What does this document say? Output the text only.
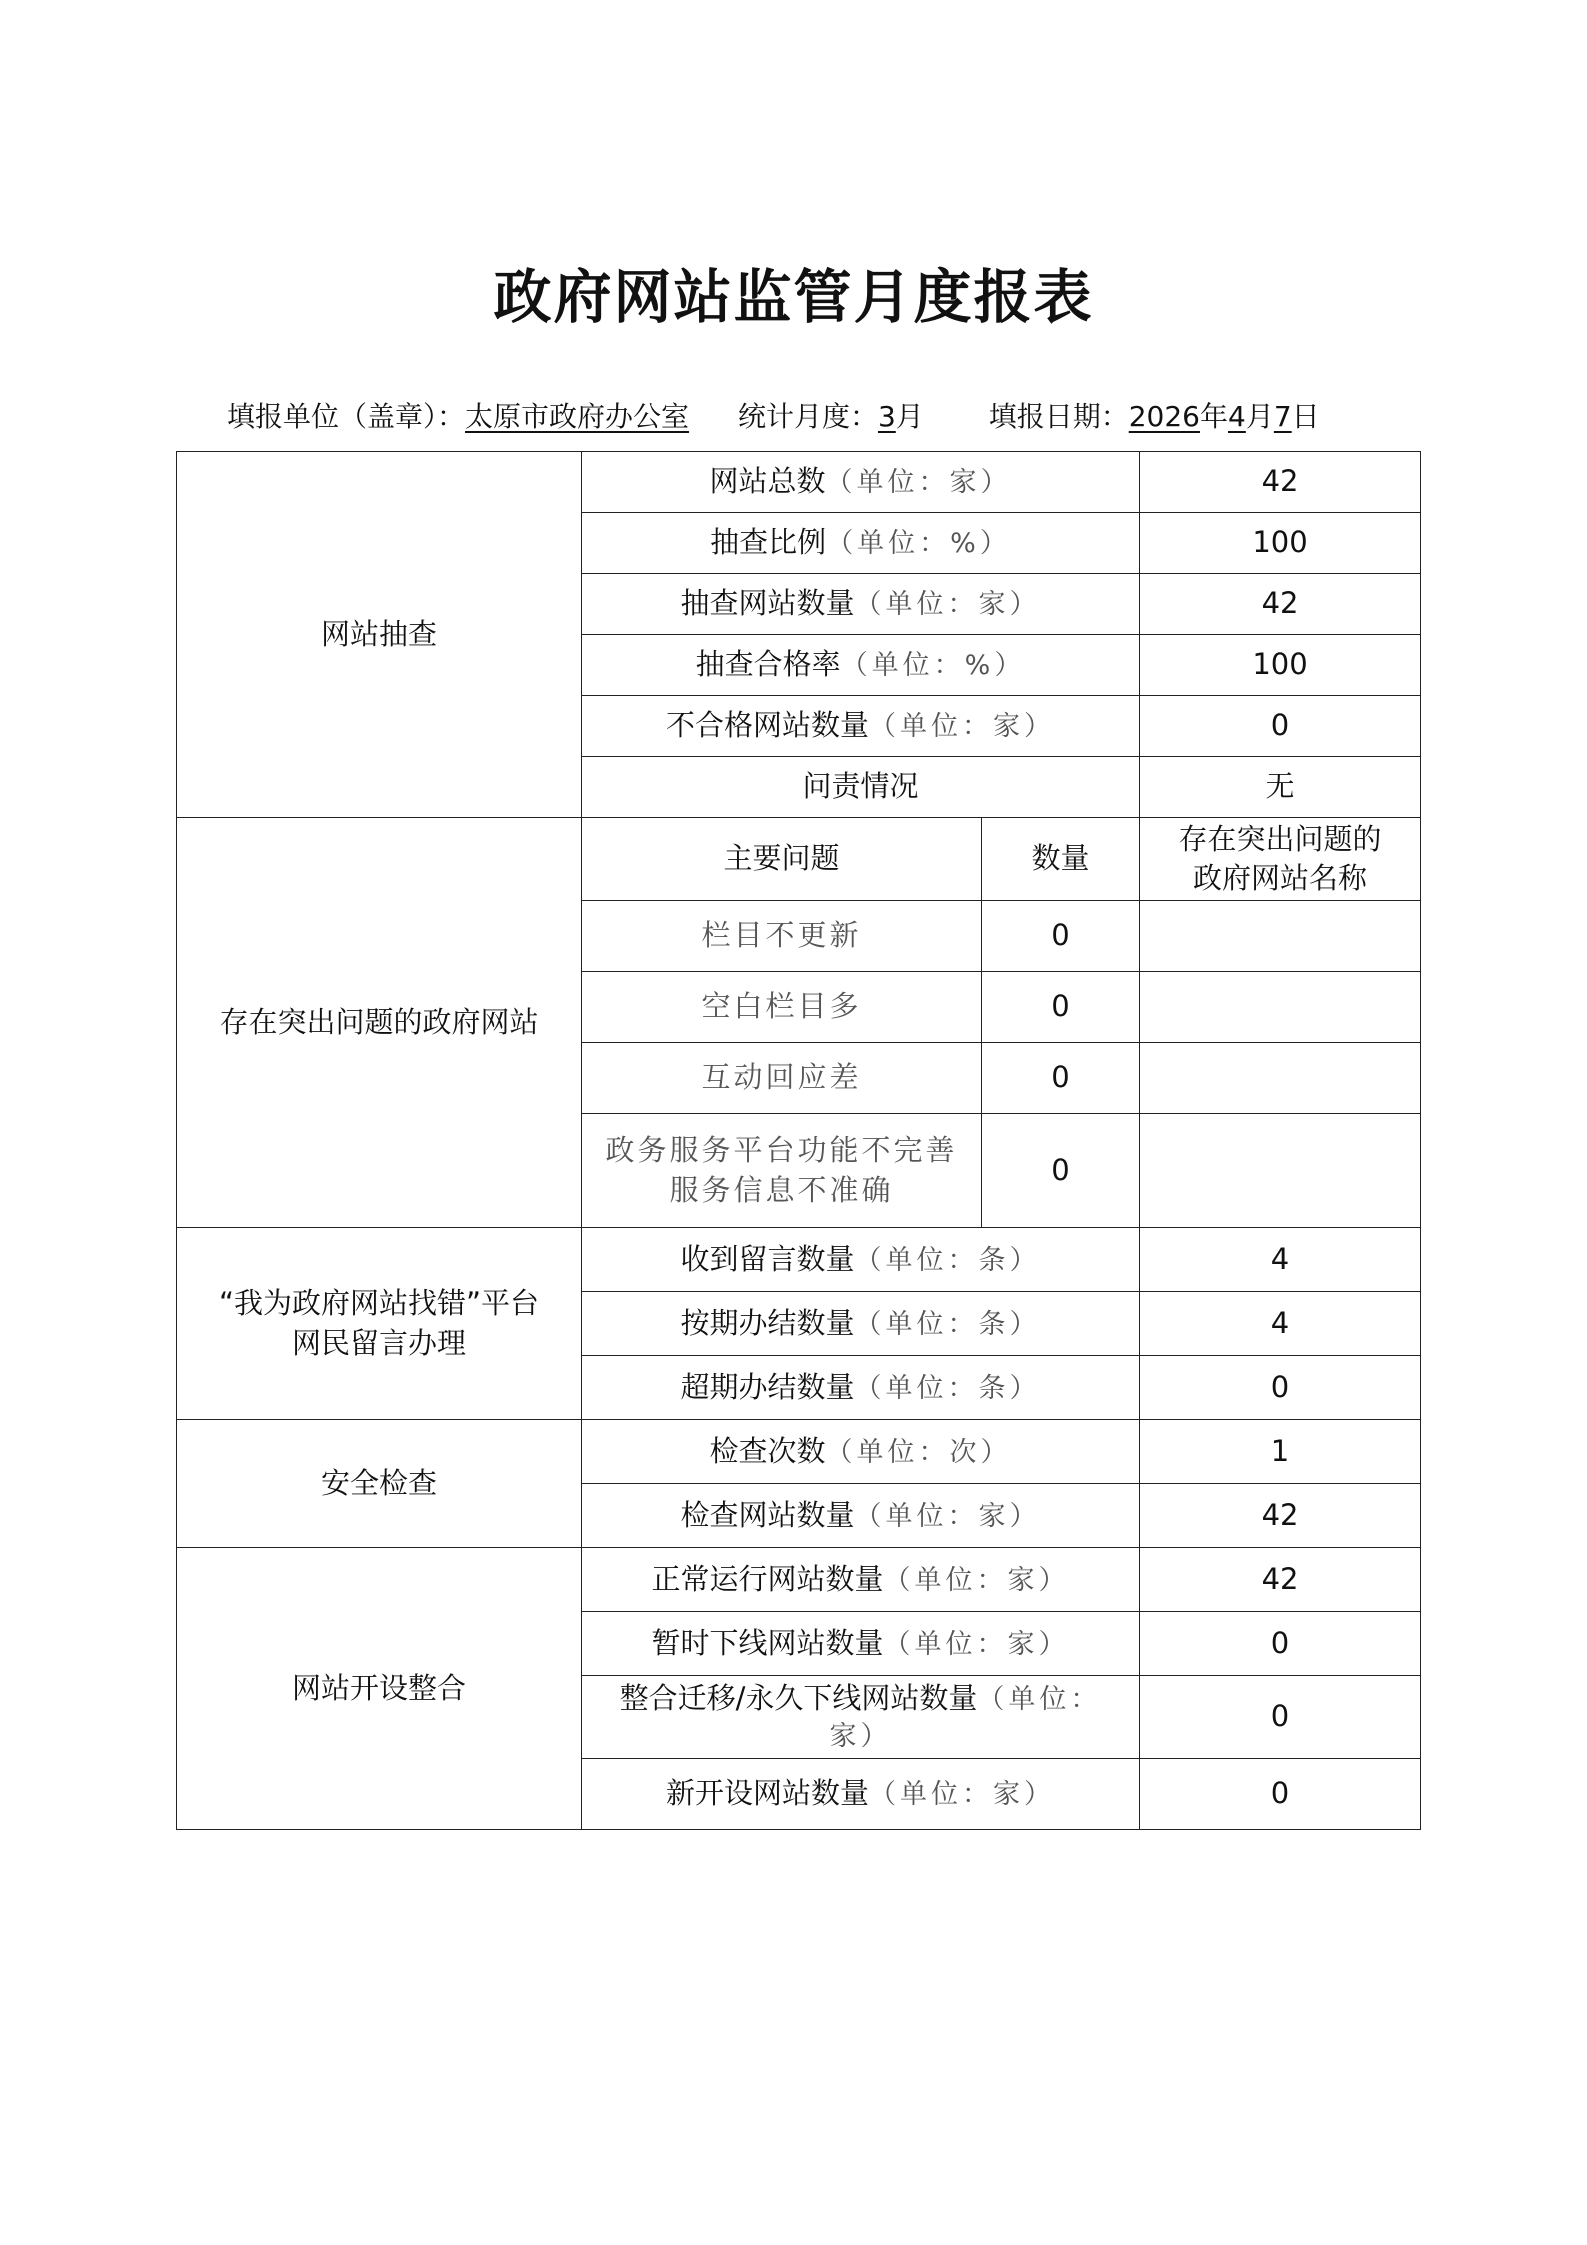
政府网站监管月度报表
填报单位（盖章）：太原市政府办公室 统计月度：3月 填报日期：2026年4月7日
网站抽查	网站总数（单位：家）		42
	抽查比例（单位：%）		100
	抽查网站数量（单位：家）		42
	抽查合格率（单位：%）		100
	不合格网站数量（单位：家）		0
	问责情况		无
存在突出问题的政府网站	主要问题	数量	存在突出问题的
政府网站名称

	栏目不更新	0	
	空白栏目多	0	
	互动回应差	0	

	政务服务平台功能不完善
服务信息不准确	0	

“我为政府网站找错”平台
网民留言办理	收到留言数量（单位：条）		4
	按期办结数量（单位：条）		4
	超期办结数量（单位：条）		0
安全检查	检查次数（单位：次）		1
	检查网站数量（单位：家）		42
网站开设整合	正常运行网站数量（单位：家）		42
	暂时下线网站数量（单位：家）		0

	整合迁移/永久下线网站数量（单位：
家）		0
	新开设网站数量（单位：家）		0
